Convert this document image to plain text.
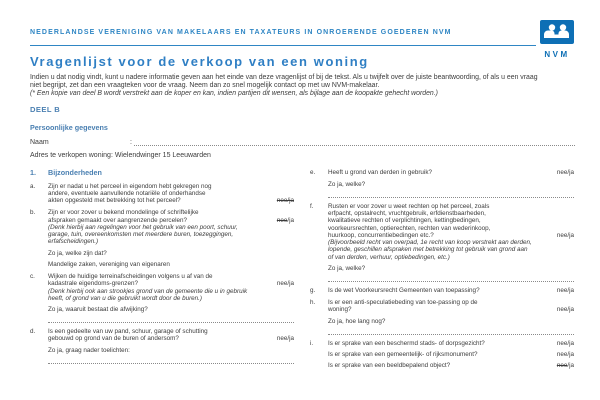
NEDERLANDSE VERENIGING VAN MAKELAARS EN TAXATEURS IN ONROERENDE GOEDEREN NVM
NVM
Vragenlijst voor de verkoop van een woning
Indien u dat nodig vindt, kunt u nadere informatie geven aan het einde van deze vragenlijst of bij de tekst. Als u twijfelt over de juiste beantwoording, of als u een vraag niet begrijpt, zet dan een vraagteken voor de vraag. Neem dan zo snel mogelijk contact op met uw NVM-makelaar.
(* Een kopie van deel B wordt verstrekt aan de koper en kan, indien partijen dit wensen, als bijlage aan de koopakte gehecht worden.)
DEEL B
Persoonlijke gegevens
Naam	:
Adres te verkopen woning: Wielendwinger 15 Leeuwarden
1.	Bijzonderheden
a.	Zijn er nadat u het perceel in eigendom hebt gekregen nog andere, eventuele aanvullende notariële of onderhandse akten opgesteld met betrekking tot het perceel?	nee/ja
b.	Zijn er voor zover u bekend mondelinge of schriftelijke afspraken gemaakt over aangrenzende percelen?	nee/ja
(Denk hierbij aan regelingen voor het gebruik van een poort, schuur, garage, tuin, overeenkomsten met meerdere buren, toezeggingen, erfafscheidingen.)
Zo ja, welke zijn dat?
Mandelige zaken, vereniging van eigenaren
c.	Wijken de huidige terreinafscheidingen volgens u af van de kadastrale eigendoms-grenzen?	nee/ja
(Denk hierbij ook aan strookjes grond van de gemeente die u in gebruik heeft, of grond van u die gebruikt wordt door de buren.)
Zo ja, waaruit bestaat die afwijking?
d.	Is een gedeelte van uw pand, schuur, garage of schutting gebouwd op grond van de buren of andersom?	nee/ja
Zo ja, graag nader toelichten:
e.	Heeft u grond van derden in gebruik?	nee/ja
Zo ja, welke?
f.	Rusten er voor zover u weet rechten op het perceel, zoals erfpacht, opstalrecht, vruchtgebruik, erfdienstbaarheden, kwalitatieve rechten of verplichtingen, kettingbedingen, voorkeursrechten, optierechten, rechten van wederinkoop, huurkoop, concurrentiebedingen etc.?	nee/ja
(Bijvoorbeeld recht van overpad, 1e recht van koop verstrekt aan derden, lopende, geschillen afspraken met betrekking tot gebruik van grond aan of van derden, verhuur, optiebedingen, etc.)
Zo ja, welke?
g.	Is de wet Voorkeursrecht Gemeenten van toepassing?	nee/ja
h.	Is er een anti-speculatiebeding van toe-passing op de woning?	nee/ja
Zo ja, hoe lang nog?
i.	Is er sprake van een beschermd stads- of dorpsgezicht?	nee/ja
Is er sprake van een gemeentelijk- of rijksmonument?	nee/ja
Is er sprake van een beeldbepalend object?	nee/ja
